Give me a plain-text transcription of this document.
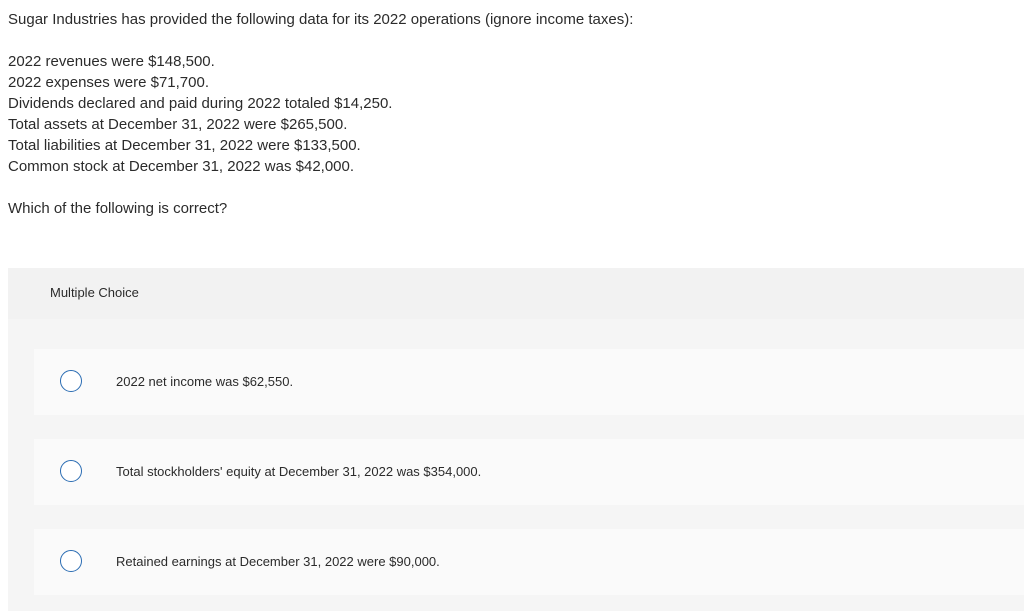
Sugar Industries has provided the following data for its 2022 operations (ignore income taxes):

2022 revenues were $148,500.
2022 expenses were $71,700.
Dividends declared and paid during 2022 totaled $14,250.
Total assets at December 31, 2022 were $265,500.
Total liabilities at December 31, 2022 were $133,500.
Common stock at December 31, 2022 was $42,000.
Which of the following is correct?
Multiple Choice
2022 net income was $62,550.
Total stockholders' equity at December 31, 2022 was $354,000.
Retained earnings at December 31, 2022 were $90,000.
